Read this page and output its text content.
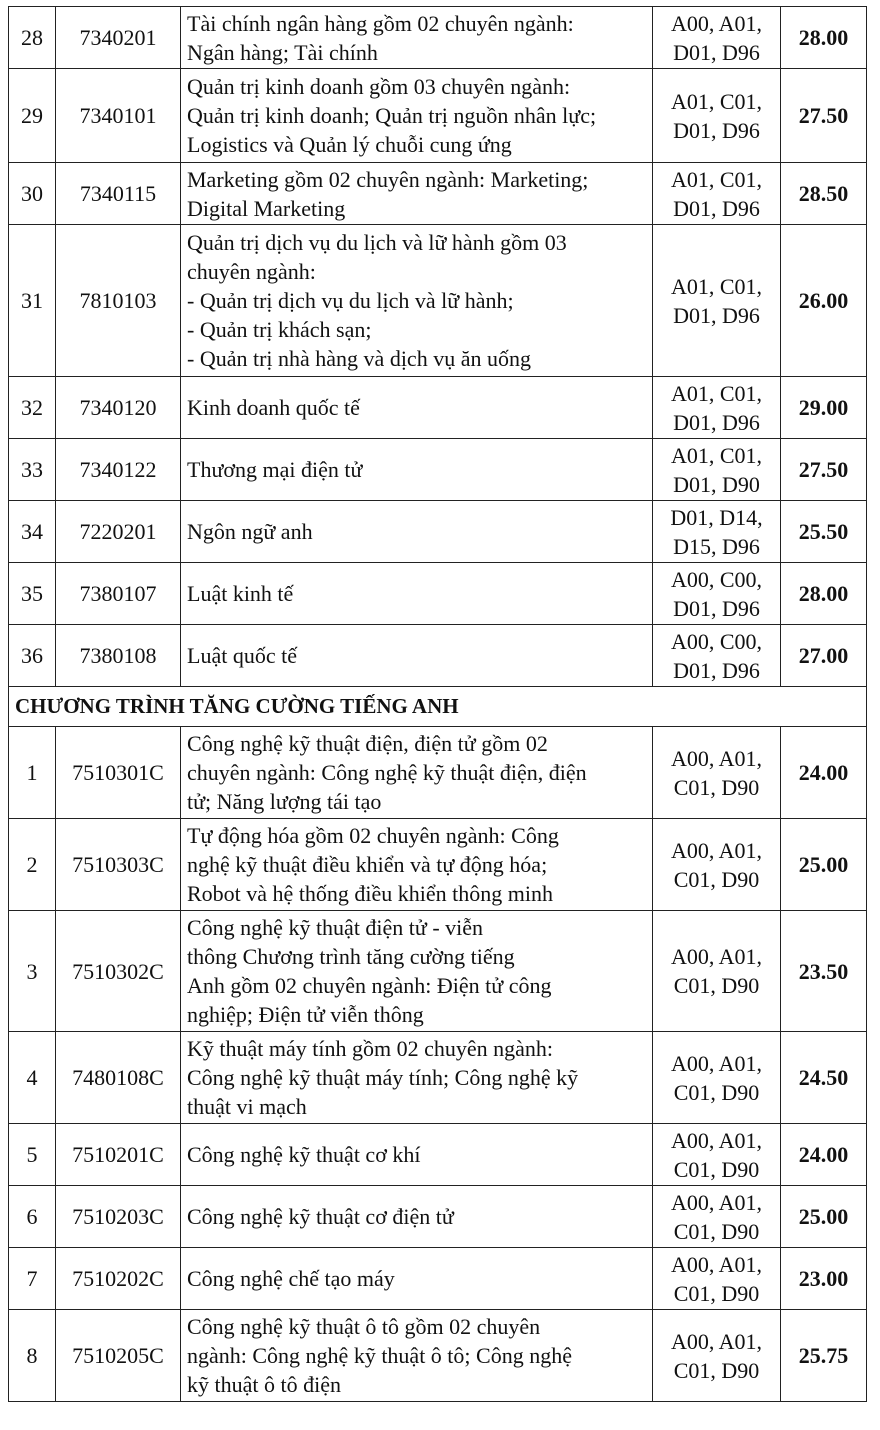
28	7340201	Tài chính ngân hàng gồm 02 chuyên ngành:
Ngân hàng; Tài chính	A00, A01,
D01, D96	28.00
29	7340101	Quản trị kinh doanh gồm 03 chuyên ngành:
Quản trị kinh doanh; Quản trị nguồn nhân lực;
Logistics và Quản lý chuỗi cung ứng	A01, C01,
D01, D96	27.50
30	7340115	Marketing gồm 02 chuyên ngành: Marketing;
Digital Marketing	A01, C01,
D01, D96	28.50
31	7810103	Quản trị dịch vụ du lịch và lữ hành gồm 03
chuyên ngành:
- Quản trị dịch vụ du lịch và lữ hành;
- Quản trị khách sạn;
- Quản trị nhà hàng và dịch vụ ăn uống	A01, C01,
D01, D96	26.00
32	7340120	Kinh doanh quốc tế	A01, C01,
D01, D96	29.00
33	7340122	Thương mại điện tử	A01, C01,
D01, D90	27.50
34	7220201	Ngôn ngữ anh	D01, D14,
D15, D96	25.50
35	7380107	Luật kinh tế	A00, C00,
D01, D96	28.00
36	7380108	Luật quốc tế	A00, C00,
D01, D96	27.00
CHƯƠNG TRÌNH TĂNG CƯỜNG TIẾNG ANH				
1	7510301C	Công nghệ kỹ thuật điện, điện tử gồm 02
chuyên ngành: Công nghệ kỹ thuật điện, điện
tử; Năng lượng tái tạo	A00, A01,
C01, D90	24.00
2	7510303C	Tự động hóa gồm 02 chuyên ngành: Công
nghệ kỹ thuật điều khiển và tự động hóa;
Robot và hệ thống điều khiển thông minh	A00, A01,
C01, D90	25.00
3	7510302C	Công nghệ kỹ thuật điện tử - viễn
thông Chương trình tăng cường tiếng
Anh gồm 02 chuyên ngành: Điện tử công
nghiệp; Điện tử viễn thông	A00, A01,
C01, D90	23.50
4	7480108C	Kỹ thuật máy tính gồm 02 chuyên ngành:
Công nghệ kỹ thuật máy tính; Công nghệ kỹ
thuật vi mạch	A00, A01,
C01, D90	24.50
5	7510201C	Công nghệ kỹ thuật cơ khí	A00, A01,
C01, D90	24.00
6	7510203C	Công nghệ kỹ thuật cơ điện tử	A00, A01,
C01, D90	25.00
7	7510202C	Công nghệ chế tạo máy	A00, A01,
C01, D90	23.00
8	7510205C	Công nghệ kỹ thuật ô tô gồm 02 chuyên
ngành: Công nghệ kỹ thuật ô tô; Công nghệ
kỹ thuật ô tô điện	A00, A01,
C01, D90	25.75
